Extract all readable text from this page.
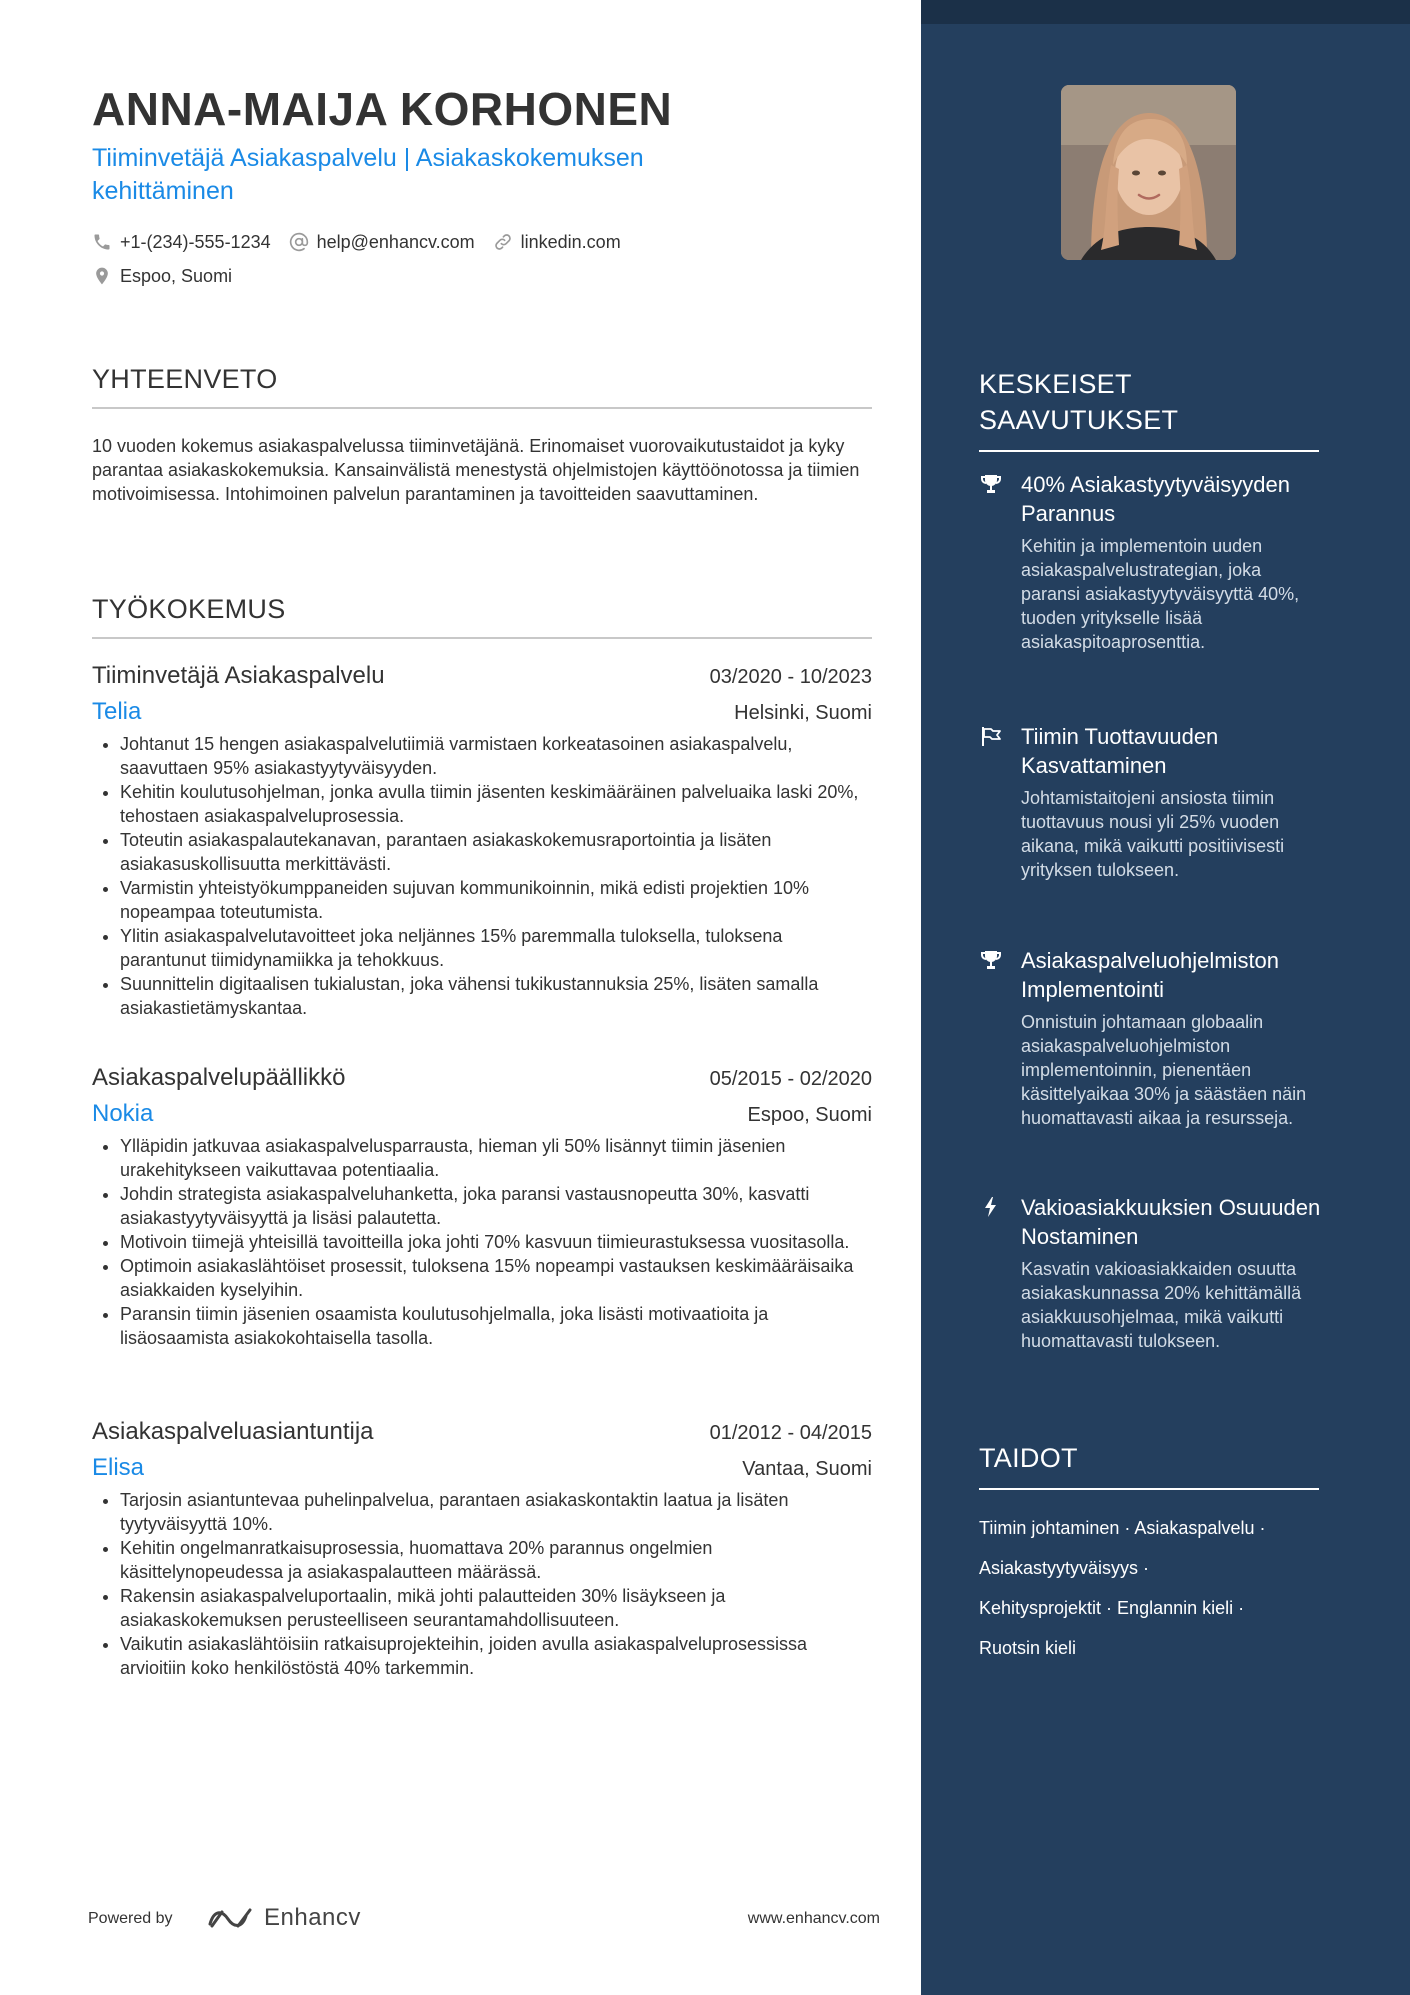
ANNA-MAIJA KORHONEN
Tiiminvetäjä Asiakaspalvelu | Asiakaskokemuksen kehittäminen
+1-(234)-555-1234	help@enhancv.com	linkedin.com
Espoo, Suomi
YHTEENVETO

10 vuoden kokemus asiakaspalvelussa tiiminvetäjänä. Erinomaiset vuorovaikutustaidot ja kyky parantaa asiakaskokemuksia. Kansainvälistä menestystä ohjelmistojen käyttöönotossa ja tiimien motivoimisessa. Intohimoinen palvelun parantaminen ja tavoitteiden saavuttaminen.

TYÖKOKEMUS
Tiiminvetäjä Asiakaspalvelu	03/2020 - 10/2023
Telia	Helsinki, Suomi
• Johtanut 15 hengen asiakaspalvelutiimiä varmistaen korkeatasoinen asiakaspalvelu, saavuttaen 95% asiakastyytyväisyyden.
• Kehitin koulutusohjelman, jonka avulla tiimin jäsenten keskimääräinen palveluaika laski 20%, tehostaen asiakaspalveluprosessia.
• Toteutin asiakaspalautekanavan, parantaen asiakaskokemusraportointia ja lisäten asiakasuskollisuutta merkittävästi.
• Varmistin yhteistyökumppaneiden sujuvan kommunikoinnin, mikä edisti projektien 10% nopeampaa toteutumista.
• Ylitin asiakaspalvelutavoitteet joka neljännes 15% paremmalla tuloksella, tuloksena parantunut tiimidynamiikka ja tehokkuus.
• Suunnittelin digitaalisen tukialustan, joka vähensi tukikustannuksia 25%, lisäten samalla asiakastietämyskantaa.
Asiakaspalvelupäällikkö	05/2015 - 02/2020
Nokia	Espoo, Suomi
• Ylläpidin jatkuvaa asiakaspalvelusparrausta, hieman yli 50% lisännyt tiimin jäsenien urakehitykseen vaikuttavaa potentiaalia.
• Johdin strategista asiakaspalveluhanketta, joka paransi vastausnopeutta 30%, kasvatti asiakastyytyväisyyttä ja lisäsi palautetta.
• Motivoin tiimejä yhteisillä tavoitteilla joka johti 70% kasvuun tiimieurastuksessa vuositasolla.
• Optimoin asiakaslähtöiset prosessit, tuloksena 15% nopeampi vastauksen keskimääräisaika asiakkaiden kyselyihin.
• Paransin tiimin jäsenien osaamista koulutusohjelmalla, joka lisästi motivaatioita ja lisäosaamista asiakokohtaisella tasolla.
Asiakaspalveluasiantuntija	01/2012 - 04/2015
Elisa	Vantaa, Suomi
• Tarjosin asiantuntevaa puhelinpalvelua, parantaen asiakaskontaktin laatua ja lisäten tyytyväisyyttä 10%.
• Kehitin ongelmanratkaisuprosessia, huomattava 20% parannus ongelmien käsittelynopeudessa ja asiakaspalautteen määrässä.
• Rakensin asiakaspalveluportaalin, mikä johti palautteiden 30% lisäykseen ja asiakaskokemuksen perusteelliseen seurantamahdollisuuteen.
• Vaikutin asiakaslähtöisiin ratkaisuprojekteihin, joiden avulla asiakaspalveluprosessissa arvioitiin koko henkilöstöstä 40% tarkemmin.
KESKEISET SAAVUTUKSET
40% Asiakastyytyväisyyden Parannus
Kehitin ja implementoin uuden asiakaspalvelustrategian, joka paransi asiakastyytyväisyyttä 40%, tuoden yritykselle lisää asiakaspitoaprosenttia.
Tiimin Tuottavuuden Kasvattaminen
Johtamistaitojeni ansiosta tiimin tuottavuus nousi yli 25% vuoden aikana, mikä vaikutti positiivisesti yrityksen tulokseen.
Asiakaspalveluohjelmiston Implementointi
Onnistuin johtamaan globaalin asiakaspalveluohjelmiston implementoinnin, pienentäen käsittelyaikaa 30% ja säästäen näin huomattavasti aikaa ja resursseja.
Vakioasiakkuuksien Osuuuden Nostaminen
Kasvatin vakioasiakkaiden osuutta asiakaskunnassa 20% kehittämällä asiakkuusohjelmaa, mikä vaikutti huomattavasti tulokseen.
TAIDOT
Tiimin johtaminen · Asiakaspalvelu ·
Asiakastyytyväisyys ·
Kehitysprojektit · Englannin kieli ·
Ruotsin kieli
Powered by	Enhancv	www.enhancv.com
